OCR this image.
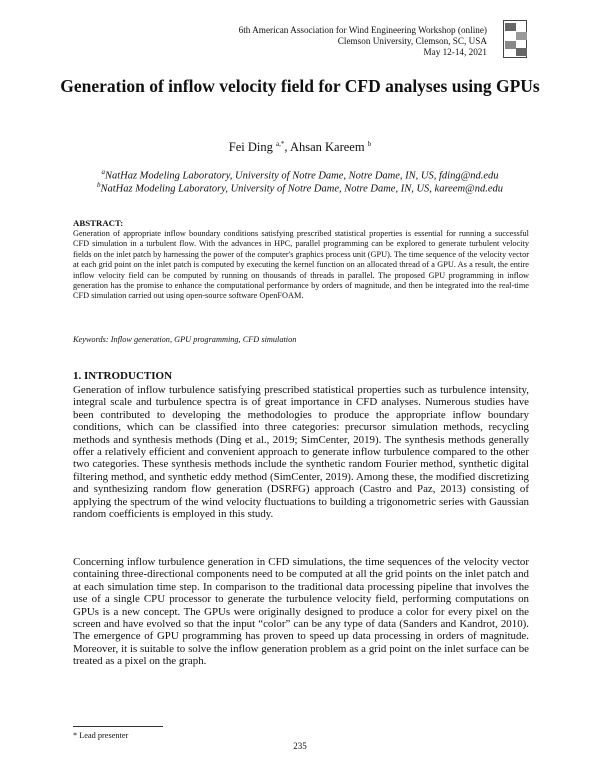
6th American Association for Wind Engineering Workshop (online)
Clemson University, Clemson, SC, USA
May 12-14, 2021
Generation of inflow velocity field for CFD analyses using GPUs
Fei Ding $^{a,*}$, Ahsan Kareem $^b$
$^a$NatHaz Modeling Laboratory, University of Notre Dame, Notre Dame, IN, US, fding@nd.edu
$^b$NatHaz Modeling Laboratory, University of Notre Dame, Notre Dame, IN, US, kareem@nd.edu
ABSTRACT:
Generation of appropriate inflow boundary conditions satisfying prescribed statistical properties is essential for running a successful CFD simulation in a turbulent flow. With the advances in HPC, parallel programming can be explored to generate turbulent velocity fields on the inlet patch by harnessing the power of the computer's graphics process unit (GPU). The time sequence of the velocity vector at each grid point on the inlet patch is computed by executing the kernel function on an allocated thread of a GPU. As a result, the entire inflow velocity field can be computed by running on thousands of threads in parallel. The proposed GPU programming in inflow generation has the promise to enhance the computational performance by orders of magnitude, and then be integrated into the real-time CFD simulation carried out using open-source software OpenFOAM.
Keywords: Inflow generation, GPU programming, CFD simulation
1. INTRODUCTION
Generation of inflow turbulence satisfying prescribed statistical properties such as turbulence intensity, integral scale and turbulence spectra is of great importance in CFD analyses. Numerous studies have been contributed to developing the methodologies to produce the appropriate inflow boundary conditions, which can be classified into three categories: precursor simulation methods, recycling methods and synthesis methods (Ding et al., 2019; SimCenter, 2019). The synthesis methods generally offer a relatively efficient and convenient approach to generate inflow turbulence compared to the other two categories. These synthesis methods include the synthetic random Fourier method, synthetic digital filtering method, and synthetic eddy method (SimCenter, 2019). Among these, the modified discretizing and synthesizing random flow generation (DSRFG) approach (Castro and Paz, 2013) consisting of applying the spectrum of the wind velocity fluctuations to building a trigonometric series with Gaussian random coefficients is employed in this study.
Concerning inflow turbulence generation in CFD simulations, the time sequences of the velocity vector containing three-directional components need to be computed at all the grid points on the inlet patch and at each simulation time step. In comparison to the traditional data processing pipeline that involves the use of a single CPU processor to generate the turbulence velocity field, performing computations on GPUs is a new concept. The GPUs were originally designed to produce a color for every pixel on the screen and have evolved so that the input “color” can be any type of data (Sanders and Kandrot, 2010). The emergence of GPU programming has proven to speed up data processing in orders of magnitude. Moreover, it is suitable to solve the inflow generation problem as a grid point on the inlet surface can be treated as a pixel on the graph.
* Lead presenter
235
